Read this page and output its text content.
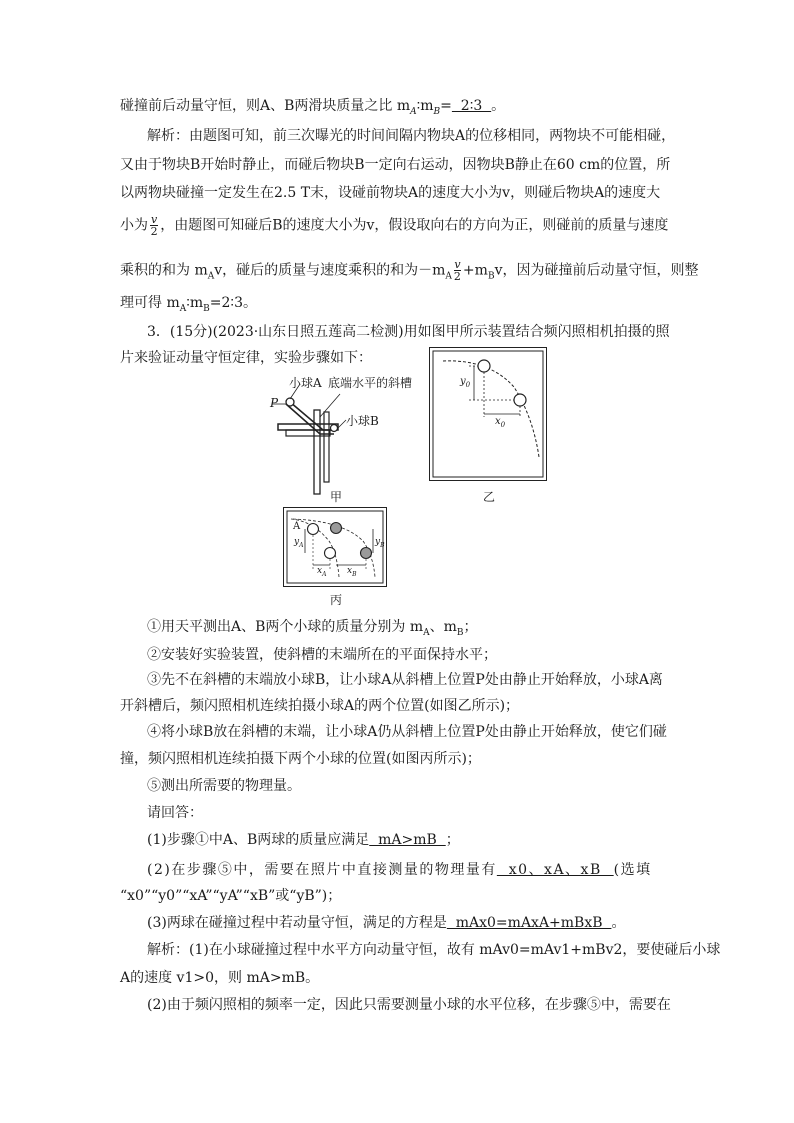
碰撞前后动量守恒，则A、B两滑块质量之比 $m_A∶m_B=$  2∶3  。
解析：由题图可知，前三次曝光的时间间隔内物块A的位移相同，两物块不可能相碰，
又由于物块B开始时静止，而碰后物块B一定向右运动，因物块B静止在60 cm的位置，所
以两物块碰撞一定发生在2.5 T末，设碰前物块A的速度大小为v，则碰后物块A的速度大
小为 $\frac{v}{2}$ ，由题图可知碰后B的速度大小为v，假设取向右的方向为正，则碰前的质量与速度
乘积的和为 $m_Av$，碰后的质量与速度乘积的和为$-m_A \frac{v}{2} +m_Bv$，因为碰撞前后动量守恒，则整
理可得 $m_A∶m_B=2∶3$。
3．(15分)(2023·山东日照五莲高二检测)用如图甲所示装置结合频闪照相机拍摄的照
片来验证动量守恒定律，实验步骤如下：
小球A 底端水平的斜槽
P
小球B
甲
$y_0$
$x_0$
乙
A
$y_A$	$y_B$
$x_A$ $x_B$
丙
①用天平测出A、B两个小球的质量分别为 $m_A$、$m_B$；
②安装好实验装置，使斜槽的末端所在的平面保持水平；
③先不在斜槽的末端放小球B，让小球A从斜槽上位置P处由静止开始释放，小球A离
开斜槽后，频闪照相机连续拍摄小球A的两个位置(如图乙所示)；
④将小球B放在斜槽的末端，让小球A仍从斜槽上位置P处由静止开始释放，使它们碰
撞，频闪照相机连续拍摄下两个小球的位置(如图丙所示)；
⑤测出所需要的物理量。
请回答：
(1)步骤①中A、B两球的质量应满足  mA>mB  ；
(2)在步骤⑤中，需要在照片中直接测量的物理量有  x0、xA、xB  (选填
“x0”“y0”“xA”“yA”“xB”或“yB”)；
(3)两球在碰撞过程中若动量守恒，满足的方程是  mAx0=mAxA+mBxB  。
解析：(1)在小球碰撞过程中水平方向动量守恒，故有 mAv0=mAv1+mBv2，要使碰后小球
A的速度 v1>0，则 mA>mB。
(2)由于频闪照相的频率一定，因此只需要测量小球的水平位移，在步骤⑤中，需要在
